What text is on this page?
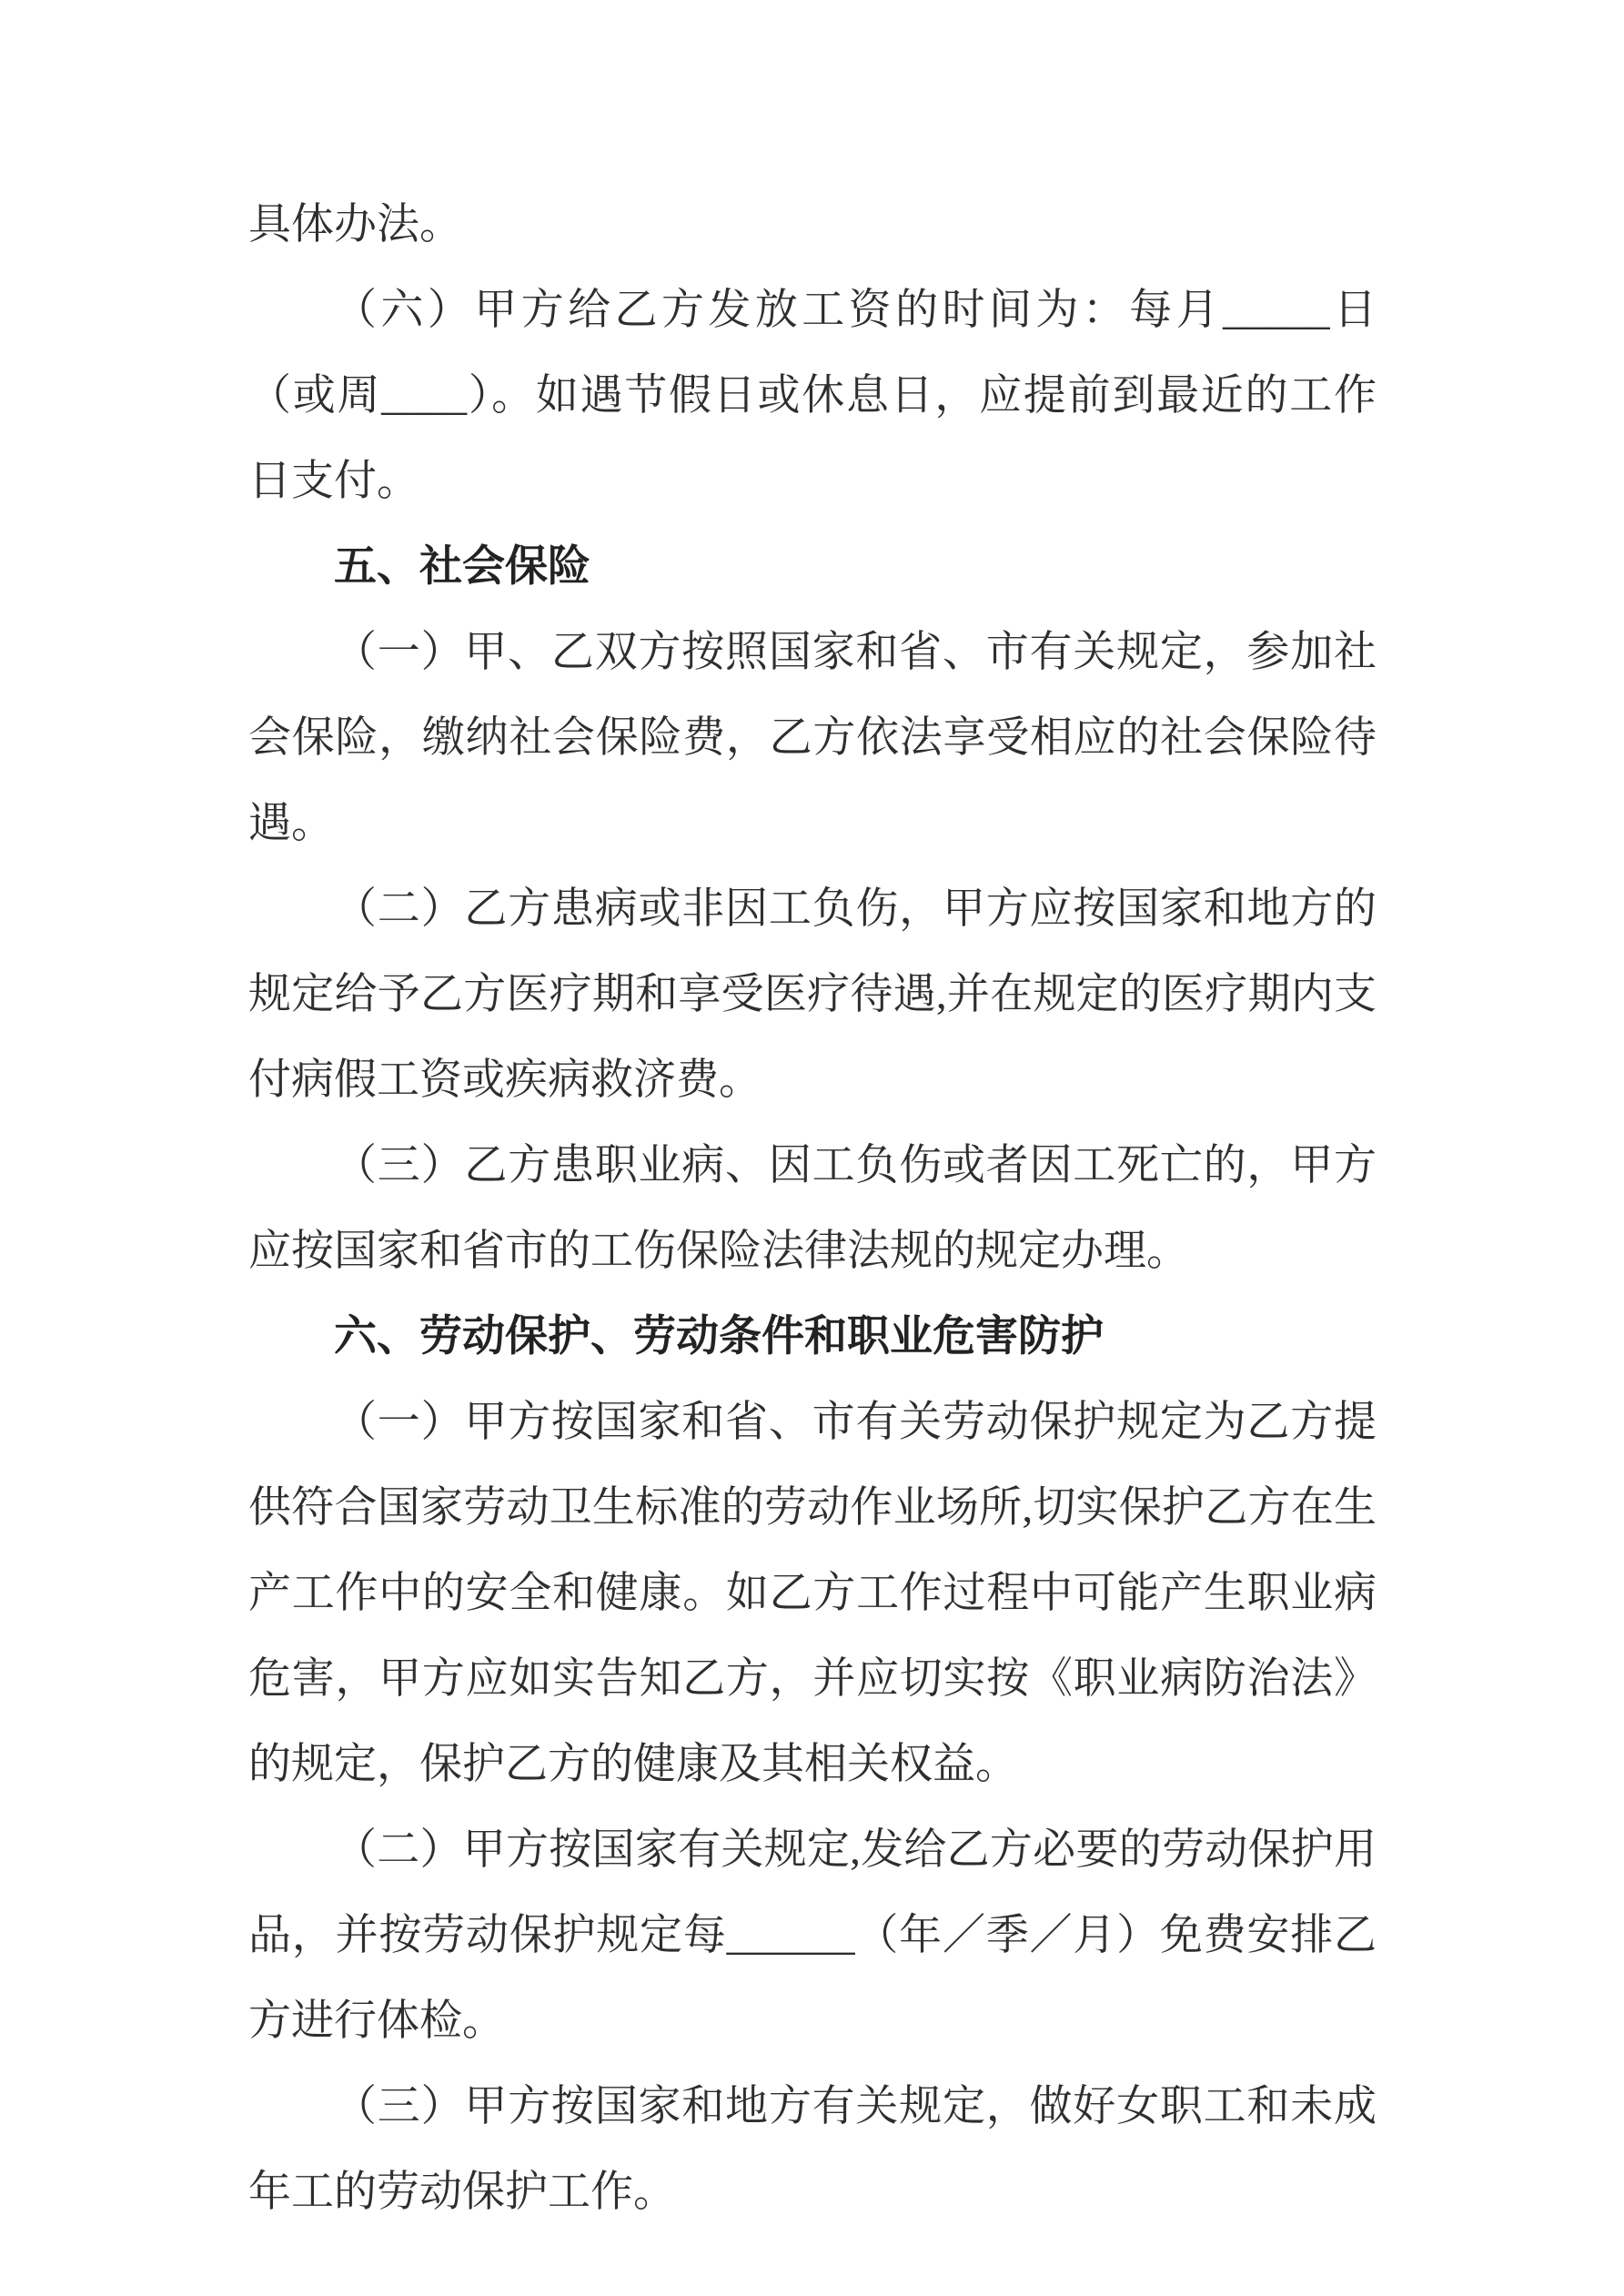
具体办法。

（六）甲方给乙方发放工资的时间为：每月_____日（或周____）。如遇节假日或休息日，应提前到最近的工作日支付。

五、社会保险

（一）甲、乙双方按照国家和省、市有关规定，参加社会保险，缴纳社会保险费，乙方依法享受相应的社会保险待遇。

（二）乙方患病或非因工负伤，甲方应按国家和地方的规定给予乙方医疗期和享受医疗待遇,并在规定的医疗期内支付病假工资或疾病救济费。

（三）乙方患职业病、因工负伤或者因工死亡的，甲方应按国家和省市的工伤保险法律法规的规定办理。

六、劳动保护、劳动条件和职业危害防护

（一）甲方按国家和省、市有关劳动保护规定为乙方提供符合国家劳动卫生标准的劳动作业场所,切实保护乙方在生产工作中的安全和健康。如乙方工作过程中可能产生职业病危害，甲方应如实告知乙方，并应切实按《职业病防治法》的规定，保护乙方的健康及其相关权益。

（二）甲方按国家有关规定,发给乙方必要的劳动保护用品，并按劳动保护规定每______（年／季／月）免费安排乙方进行体检。

（三）甲方按国家和地方有关规定，做好女职工和未成年工的劳动保护工作。
